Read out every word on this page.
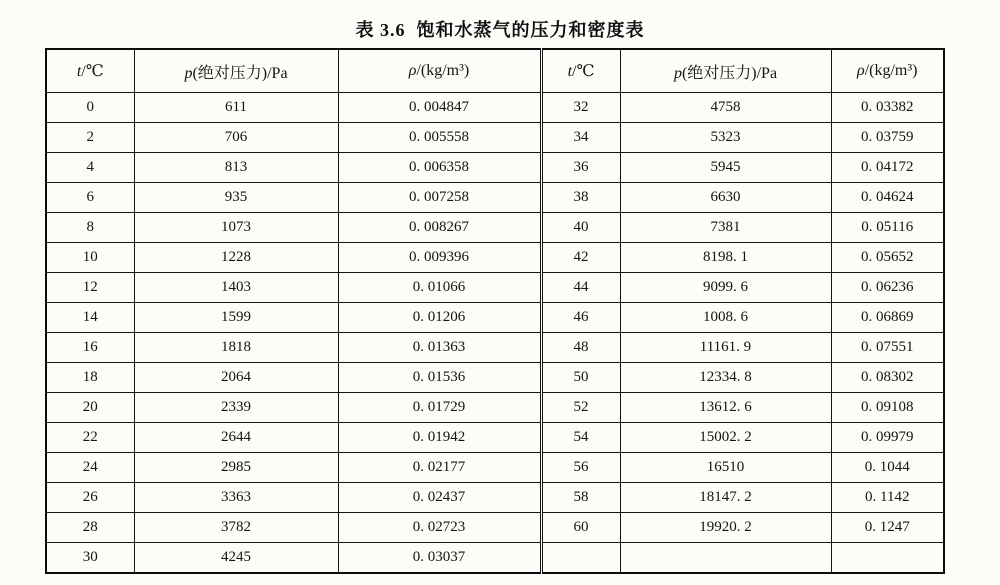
表 3.6  饱和水蒸气的压力和密度表
t/℃	p(绝对压力)/Pa	ρ/(kg/m³)	t/℃	p(绝对压力)/Pa	ρ/(kg/m³)
0	611	0. 004847	32	4758	0. 03382
2	706	0. 005558	34	5323	0. 03759
4	813	0. 006358	36	5945	0. 04172
6	935	0. 007258	38	6630	0. 04624
8	1073	0. 008267	40	7381	0. 05116
10	1228	0. 009396	42	8198. 1	0. 05652
12	1403	0. 01066	44	9099. 6	0. 06236
14	1599	0. 01206	46	1008. 6	0. 06869
16	1818	0. 01363	48	11161. 9	0. 07551
18	2064	0. 01536	50	12334. 8	0. 08302
20	2339	0. 01729	52	13612. 6	0. 09108
22	2644	0. 01942	54	15002. 2	0. 09979
24	2985	0. 02177	56	16510	0. 1044
26	3363	0. 02437	58	18147. 2	0. 1142
28	3782	0. 02723	60	19920. 2	0. 1247
30	4245	0. 03037			
